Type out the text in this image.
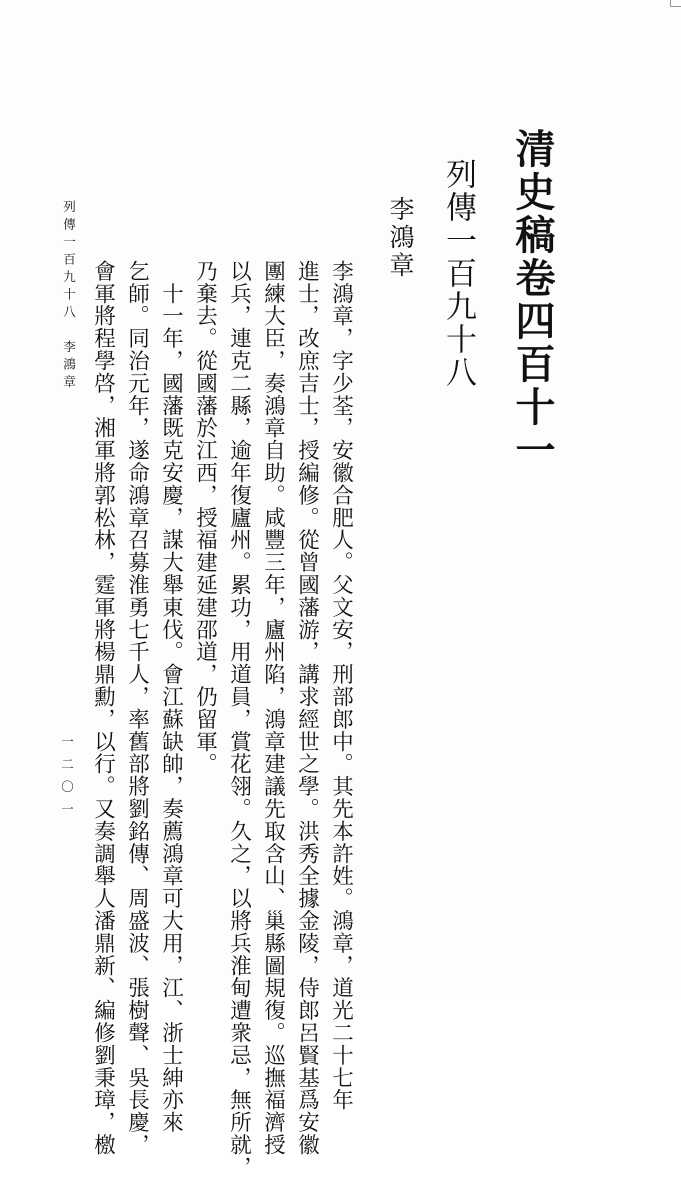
清史稿卷四百十一
列傳一百九十八
李鴻章
李鴻章，字少荃，安徽合肥人。父文安，刑部郎中。其先本許姓。鴻章，道光二十七年
進士，改庶吉士，授編修。從曾國藩游，講求經世之學。洪秀全據金陵，侍郎呂賢基爲安徽
團練大臣，奏鴻章自助。咸豐三年，廬州陷，鴻章建議先取含山、巢縣圖規復。巡撫福濟授
以兵，連克二縣，逾年復廬州。累功，用道員，賞花翎。久之，以將兵淮甸遭衆忌，無所就，
乃棄去。從國藩於江西，授福建延建邵道，仍留軍。
　十一年，國藩既克安慶，謀大舉東伐。會江蘇缺帥，奏薦鴻章可大用，江、浙士紳亦來
乞師。同治元年，遂命鴻章召募淮勇七千人，率舊部將劉銘傳、周盛波、張樹聲、吳長慶，
會軍將程學啓，湘軍將郭松林，霆軍將楊鼎勳，以行。又奏調舉人潘鼎新、編修劉秉璋，檄
列傳一百九十八　李鴻章
一二〇一
